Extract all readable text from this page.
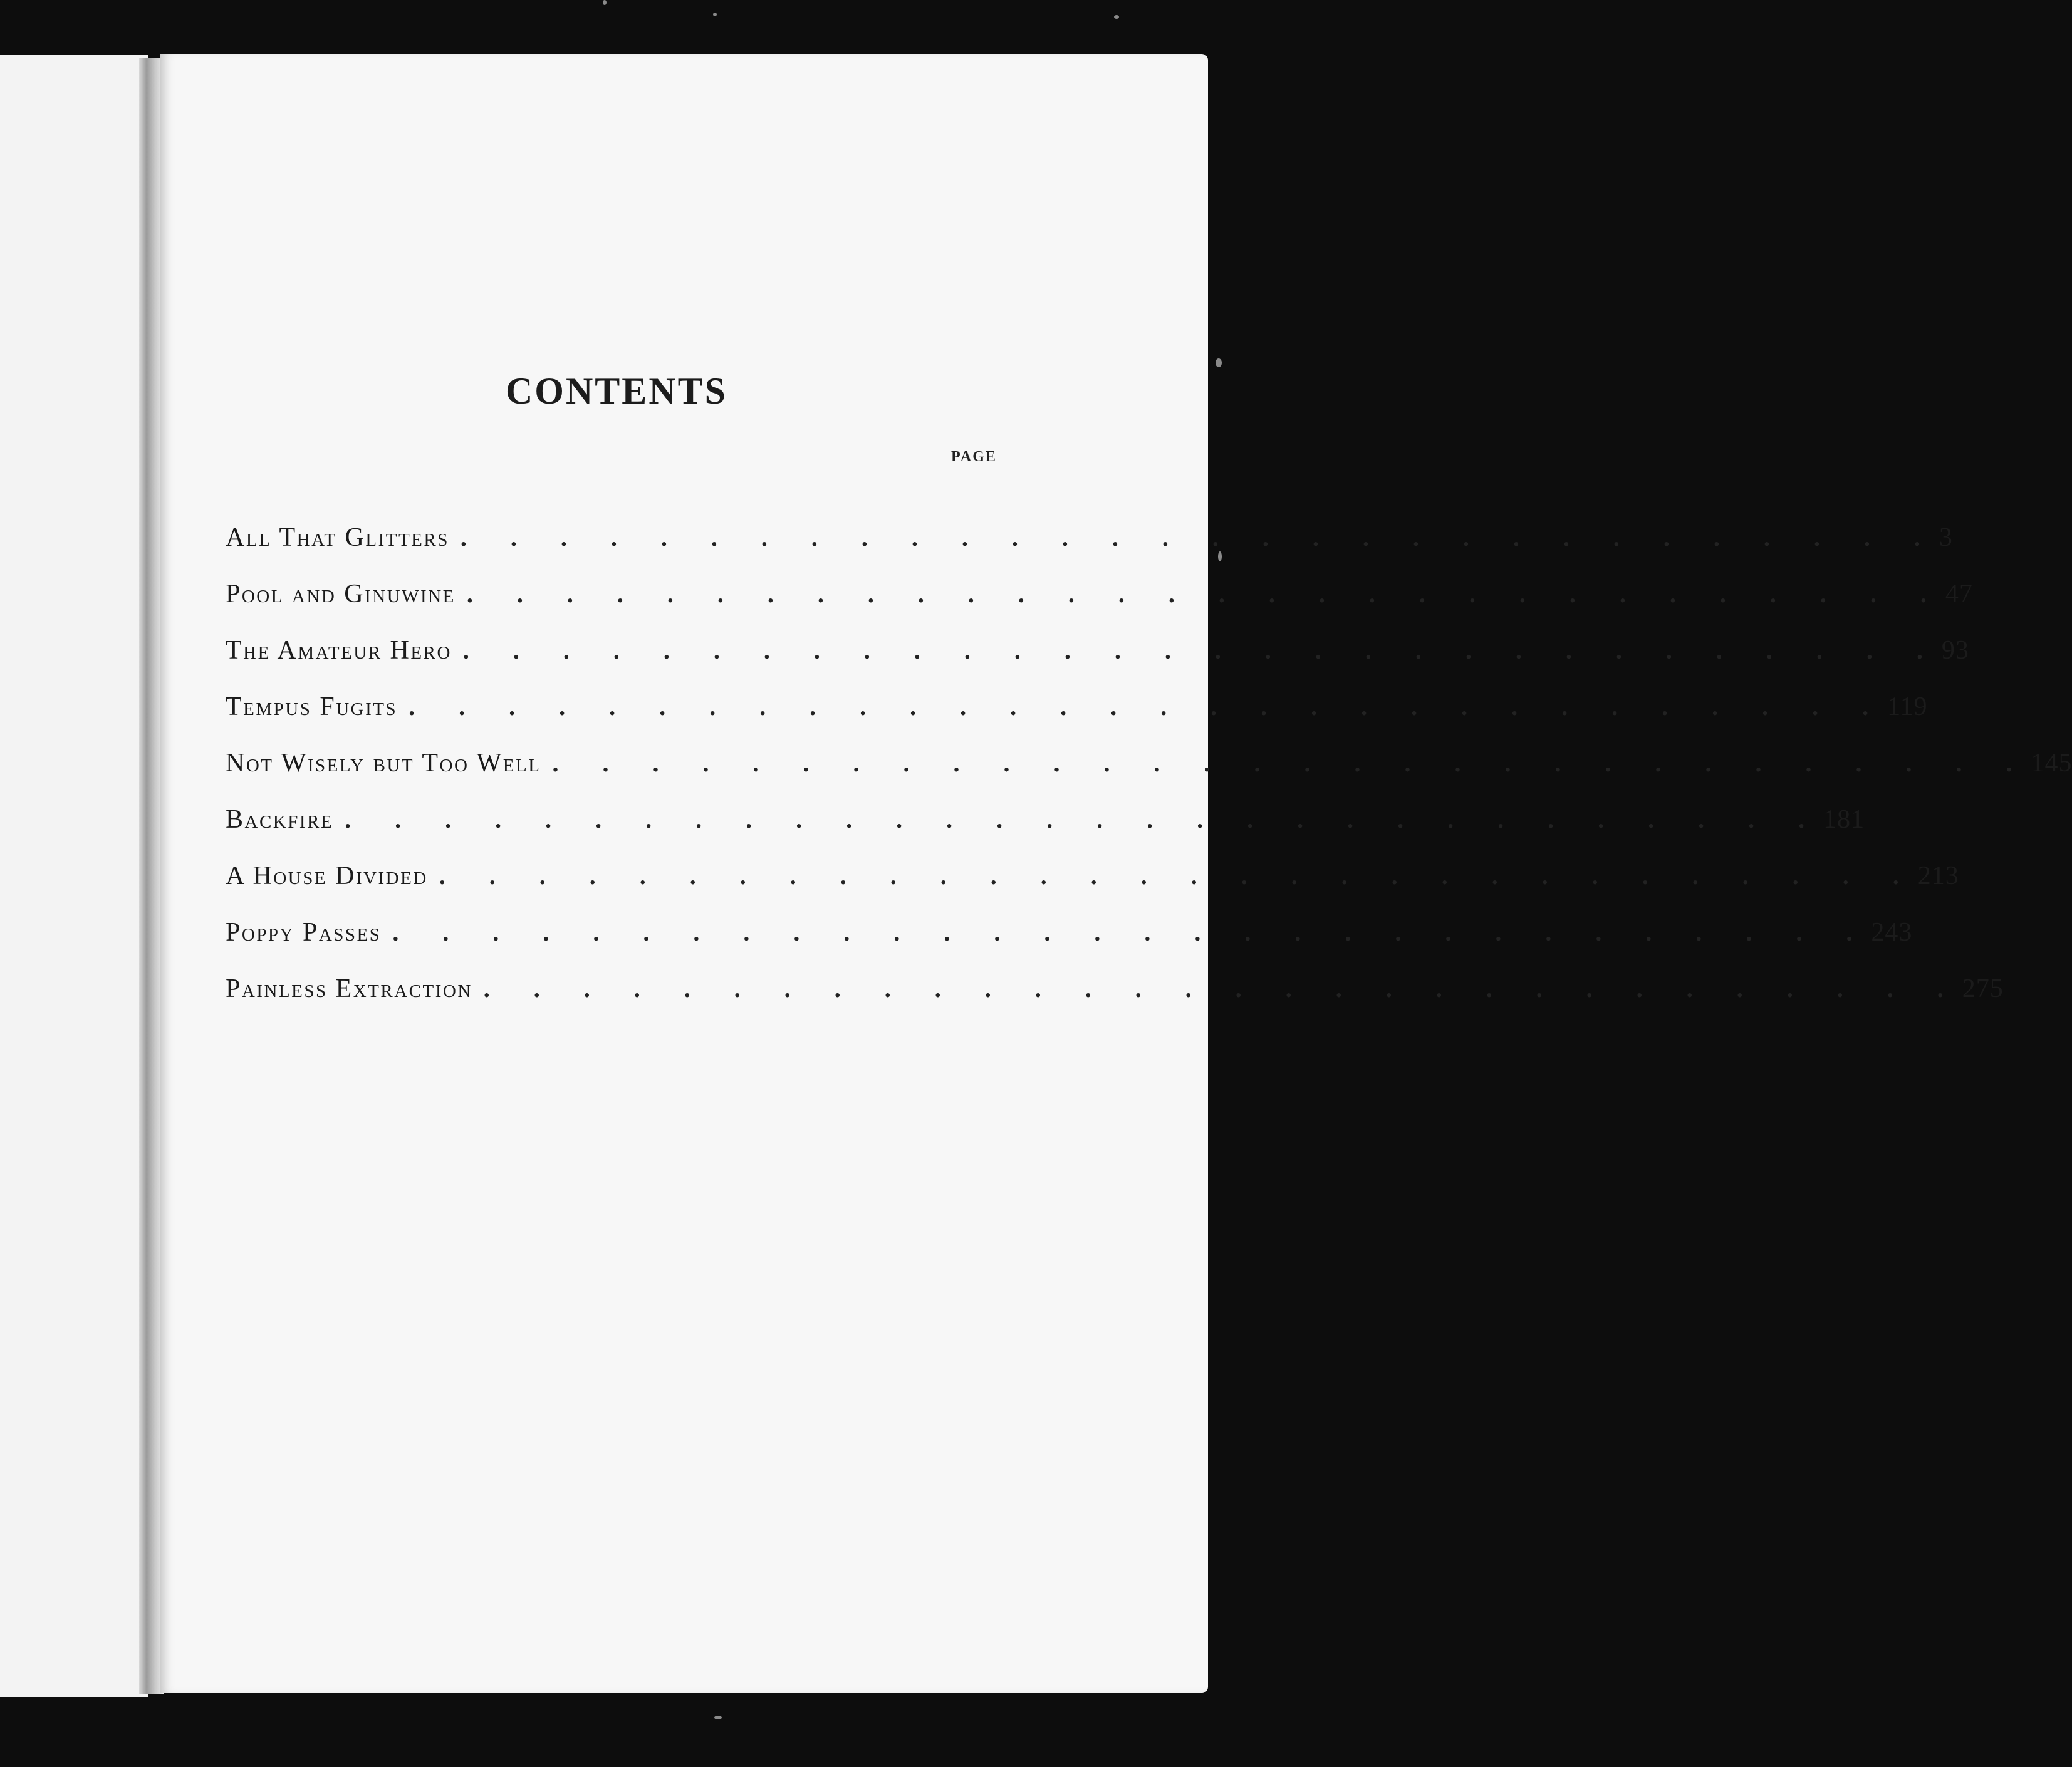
CONTENTS
PAGE
All That Glitters . . . . . . . . . . . . . . . . . . . . . . . . . . . . . . 3
Pool and Ginuwine . . . . . . . . . . . . . . . . . . . . . . . . . . . . . . 47
The Amateur Hero . . . . . . . . . . . . . . . . . . . . . . . . . . . . . . 93
Tempus Fugits . . . . . . . . . . . . . . . . . . . . . . . . . . . . . . 119
Not Wisely but Too Well . . . . . . . . . . . . . . . . . . . . . . . . . . . . . . 145
Backfire . . . . . . . . . . . . . . . . . . . . . . . . . . . . . . 181
A House Divided . . . . . . . . . . . . . . . . . . . . . . . . . . . . . . 213
Poppy Passes . . . . . . . . . . . . . . . . . . . . . . . . . . . . . . 243
Painless Extraction . . . . . . . . . . . . . . . . . . . . . . . . . . . . . . 275
